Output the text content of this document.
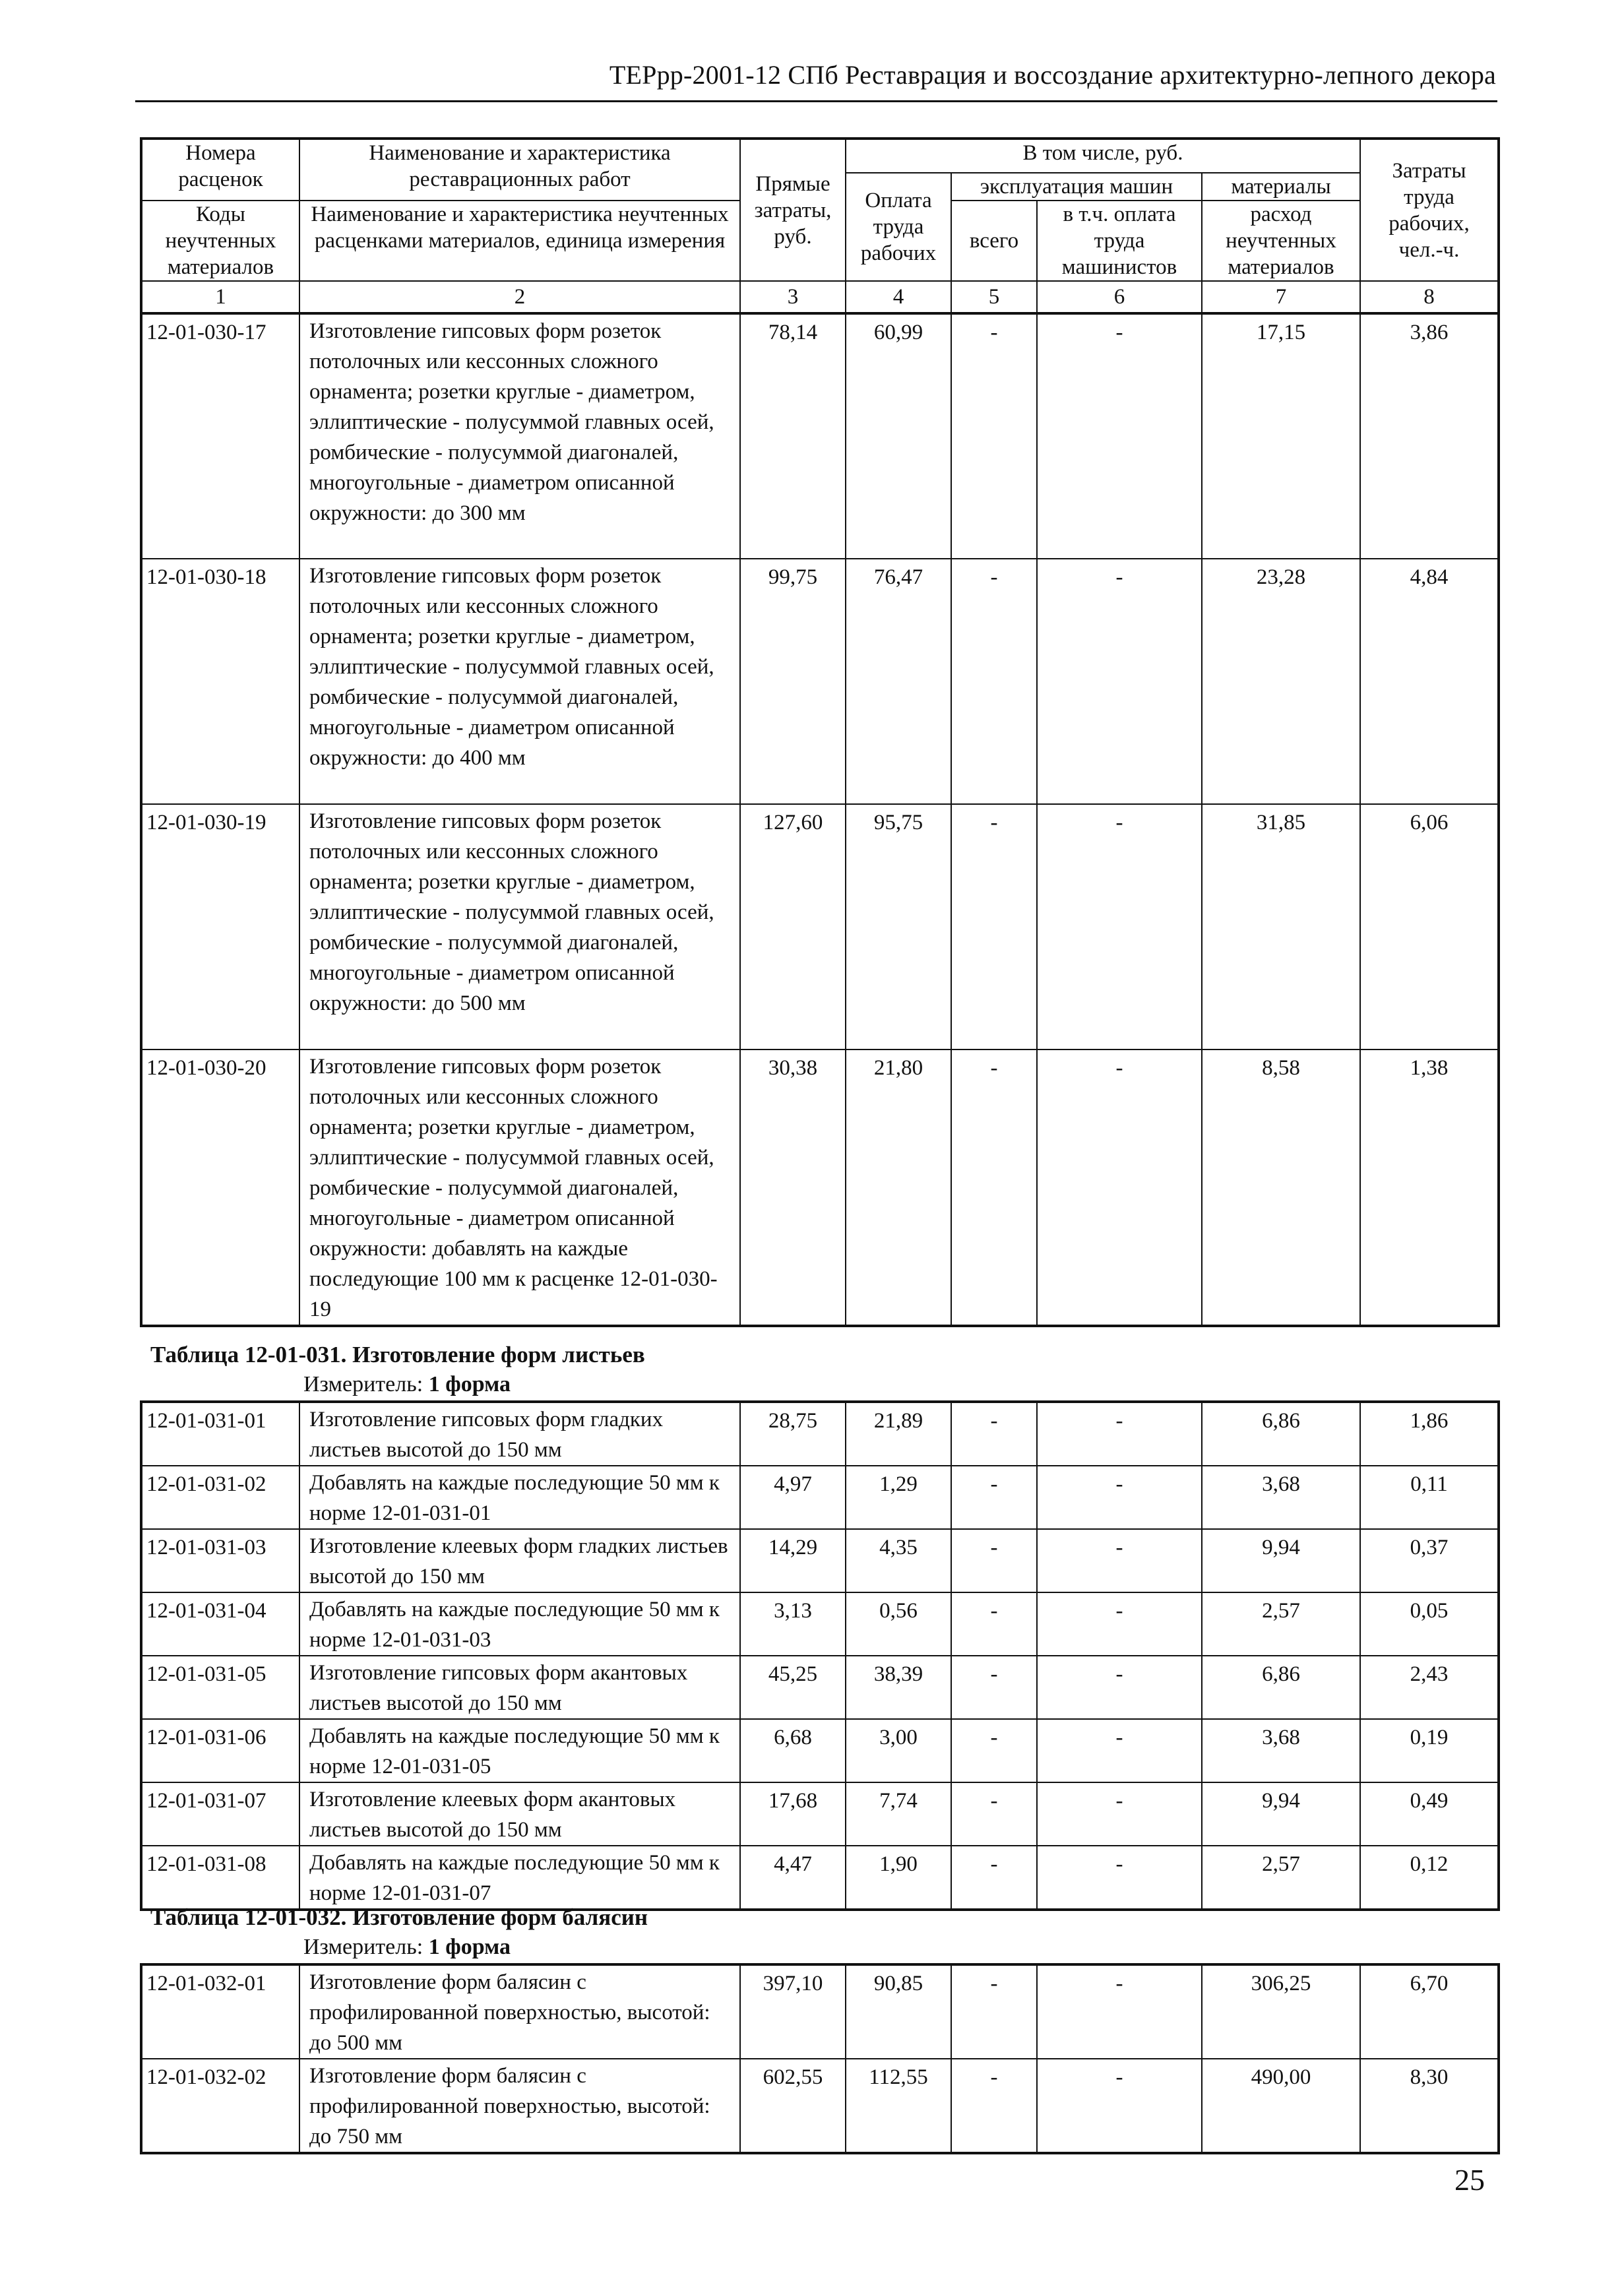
ТЕРрр-2001-12 СПб Реставрация и воссоздание архитектурно-лепного декора
Номера расценок	Наименование и характеристика реставрационных работ	Прямые затраты, руб.	В том числе, руб.				Затраты труда рабочих, чел.-ч.
			Оплата труда рабочих	эксплуатация машин		материалы	
Коды неучтенных материалов	Наименование и характеристика неучтенных расценками материалов, единица измерения			всего	в т.ч. оплата труда машинистов	расход неучтенных материалов	

1	2	3	4	5	6	7	8
12-01-030-17	Изготовление гипсовых форм розеток потолочных или кессонных сложного орнамента; розетки круглые - диаметром, эллиптические - полусуммой главных осей, ромбические - полусуммой диагоналей, многоугольные - диаметром описанной окружности: до 300 мм	78,14	60,99	-	-	17,15	3,86
12-01-030-18	Изготовление гипсовых форм розеток потолочных или кессонных сложного орнамента; розетки круглые - диаметром, эллиптические - полусуммой главных осей, ромбические - полусуммой диагоналей, многоугольные - диаметром описанной окружности: до 400 мм	99,75	76,47	-	-	23,28	4,84
12-01-030-19	Изготовление гипсовых форм розеток потолочных или кессонных сложного орнамента; розетки круглые - диаметром, эллиптические - полусуммой главных осей, ромбические - полусуммой диагоналей, многоугольные - диаметром описанной окружности: до 500 мм	127,60	95,75	-	-	31,85	6,06
12-01-030-20	Изготовление гипсовых форм розеток потолочных или кессонных сложного орнамента; розетки круглые - диаметром, эллиптические - полусуммой главных осей, ромбические - полусуммой диагоналей, многоугольные - диаметром описанной окружности: добавлять на каждые последующие 100 мм к расценке 12-01-030-19	30,38	21,80	-	-	8,58	1,38
Таблица 12-01-031. Изготовление форм листьев
Измеритель: 1 форма
12-01-031-01	Изготовление гипсовых форм гладких листьев высотой до 150 мм	28,75	21,89	-	-	6,86	1,86
12-01-031-02	Добавлять на каждые последующие 50 мм к норме 12-01-031-01	4,97	1,29	-	-	3,68	0,11
12-01-031-03	Изготовление клеевых форм гладких листьев высотой до 150 мм	14,29	4,35	-	-	9,94	0,37
12-01-031-04	Добавлять на каждые последующие 50 мм к норме 12-01-031-03	3,13	0,56	-	-	2,57	0,05
12-01-031-05	Изготовление гипсовых форм акантовых листьев высотой до 150 мм	45,25	38,39	-	-	6,86	2,43
12-01-031-06	Добавлять на каждые последующие 50 мм к норме 12-01-031-05	6,68	3,00	-	-	3,68	0,19
12-01-031-07	Изготовление клеевых форм акантовых листьев высотой до 150 мм	17,68	7,74	-	-	9,94	0,49
12-01-031-08	Добавлять на каждые последующие 50 мм к норме 12-01-031-07	4,47	1,90	-	-	2,57	0,12
Таблица 12-01-032. Изготовление форм балясин
Измеритель: 1 форма
12-01-032-01	Изготовление форм балясин с профилированной поверхностью, высотой: до 500 мм	397,10	90,85	-	-	306,25	6,70
12-01-032-02	Изготовление форм балясин с профилированной поверхностью, высотой: до 750 мм	602,55	112,55	-	-	490,00	8,30
25
